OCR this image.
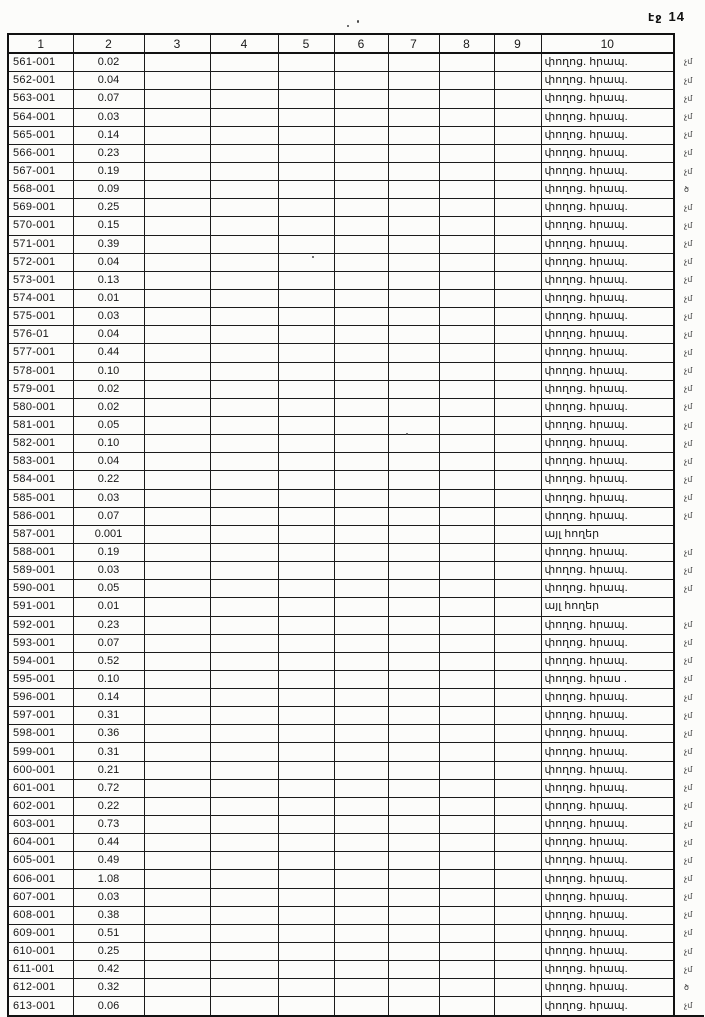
էջ 14
1	2	3	4	5	6	7	8	9	10	
561-001	0.02								փողոց. հրապ.	չմ
562-001	0.04								փողոց. հրապ.	չմ
563-001	0.07								փողոց. հրապ.	չմ
564-001	0.03								փողոց. հրապ.	չմ
565-001	0.14								փողոց. հրապ.	չմ
566-001	0.23								փողոց. հրապ.	չմ
567-001	0.19								փողոց. հրապ.	չմ
568-001	0.09								փողոց. հրապ.	ծ
569-001	0.25								փողոց. հրապ.	չմ
570-001	0.15								փողոց. հրապ.	չմ
571-001	0.39								փողոց. հրապ.	չմ
572-001	0.04								փողոց. հրապ.	չմ
573-001	0.13								փողոց. հրապ.	չմ
574-001	0.01								փողոց. հրապ.	չմ
575-001	0.03								փողոց. հրապ.	չմ
576-01	0.04								փողոց. հրապ.	չմ
577-001	0.44								փողոց. հրապ.	չմ
578-001	0.10								փողոց. հրապ.	չմ
579-001	0.02								փողոց. հրապ.	չմ
580-001	0.02								փողոց. հրապ.	չմ
581-001	0.05								փողոց. հրապ.	չմ
582-001	0.10								փողոց. հրապ.	չմ
583-001	0.04								փողոց. հրապ.	չմ
584-001	0.22								փողոց. հրապ.	չմ
585-001	0.03								փողոց. հրապ.	չմ
586-001	0.07								փողոց. հրապ.	չմ
587-001	0.001								այլ հողեր	
588-001	0.19								փողոց. հրապ.	չմ
589-001	0.03								փողոց. հրապ.	չմ
590-001	0.05								փողոց. հրապ.	չմ
591-001	0.01								այլ հողեր	
592-001	0.23								փողոց. հրապ.	չմ
593-001	0.07								փողոց. հրապ.	չմ
594-001	0.52								փողոց. հրապ.	չմ
595-001	0.10								փողոց. հրաս .	չմ
596-001	0.14								փողոց. հրապ.	չմ
597-001	0.31								փողոց. հրապ.	չմ
598-001	0.36								փողոց. հրապ.	չմ
599-001	0.31								փողոց. հրապ.	չմ
600-001	0.21								փողոց. հրապ.	չմ
601-001	0.72								փողոց. հրապ.	չմ
602-001	0.22								փողոց. հրապ.	չմ
603-001	0.73								փողոց. հրապ.	չմ
604-001	0.44								փողոց. հրապ.	չմ
605-001	0.49								փողոց. հրապ.	չմ
606-001	1.08								փողոց. հրապ.	չմ
607-001	0.03								փողոց. հրապ.	չմ
608-001	0.38								փողոց. հրապ.	չմ
609-001	0.51								փողոց. հրապ.	չմ
610-001	0.25								փողոց. հրապ.	չմ
611-001	0.42								փողոց. հրապ.	չմ
612-001	0.32								փողոց. հրապ.	ծ
613-001	0.06								փողոց. հրապ.	չմ
